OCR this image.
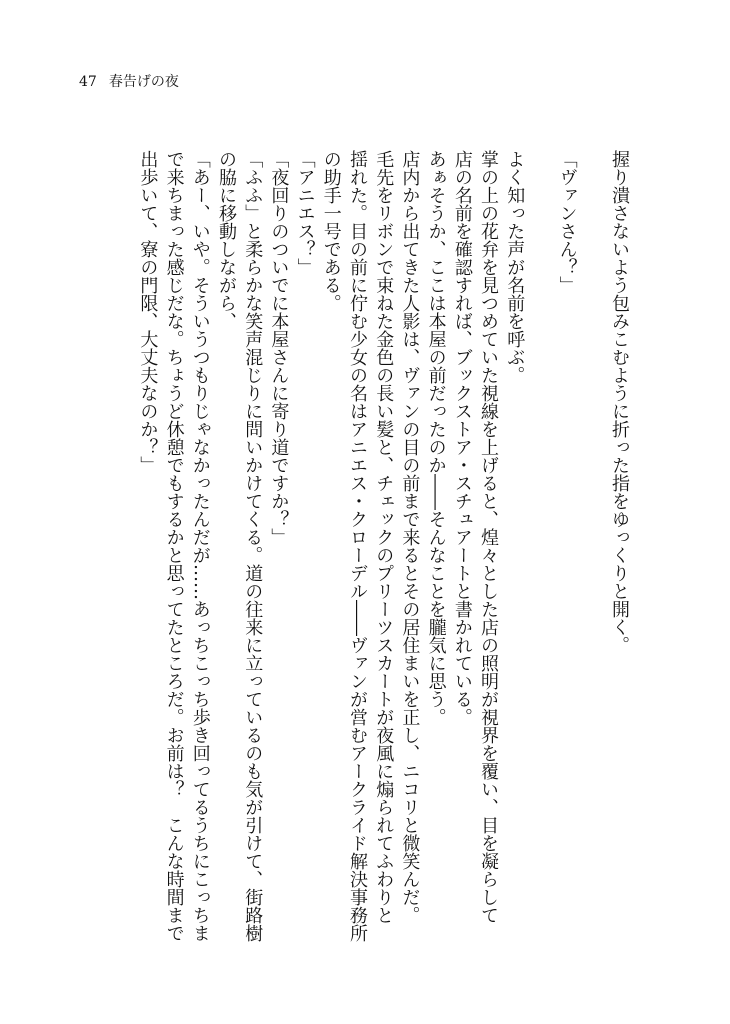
47 春告げの夜
握り潰さないよう包みこむように折った指をゆっくりと開く。
「ヴァンさん？」
よく知った声が名前を呼ぶ。
掌の上の花弁を見つめていた視線を上げると、煌々とした店の照明が視界を覆い、目を凝らして
店の名前を確認すれば、ブックストア・スチュアートと書かれている。
あぁそうか、ここは本屋の前だったのか――そんなことを朧気に思う。
店内から出てきた人影は、ヴァンの目の前まで来るとその居住まいを正し、ニコリと微笑んだ。
毛先をリボンで束ねた金色の長い髪と、チェックのプリーツスカートが夜風に煽られてふわりと
揺れた。目の前に佇む少女の名はアニエス・クローデル――ヴァンが営むアークライド解決事務所
の助手一号である。
「アニエス？」
「夜回りのついでに本屋さんに寄り道ですか？」
「ふふ」と柔らかな笑声混じりに問いかけてくる。道の往来に立っているのも気が引けて、街路樹
の脇に移動しながら、
「あー、いや。そういうつもりじゃなかったんだが……あっちこっち歩き回ってるうちにこっちま
で来ちまった感じだな。ちょうど休憩でもするかと思ってたところだ。お前は？　こんな時間まで
出歩いて、寮の門限、大丈夫なのか？」
